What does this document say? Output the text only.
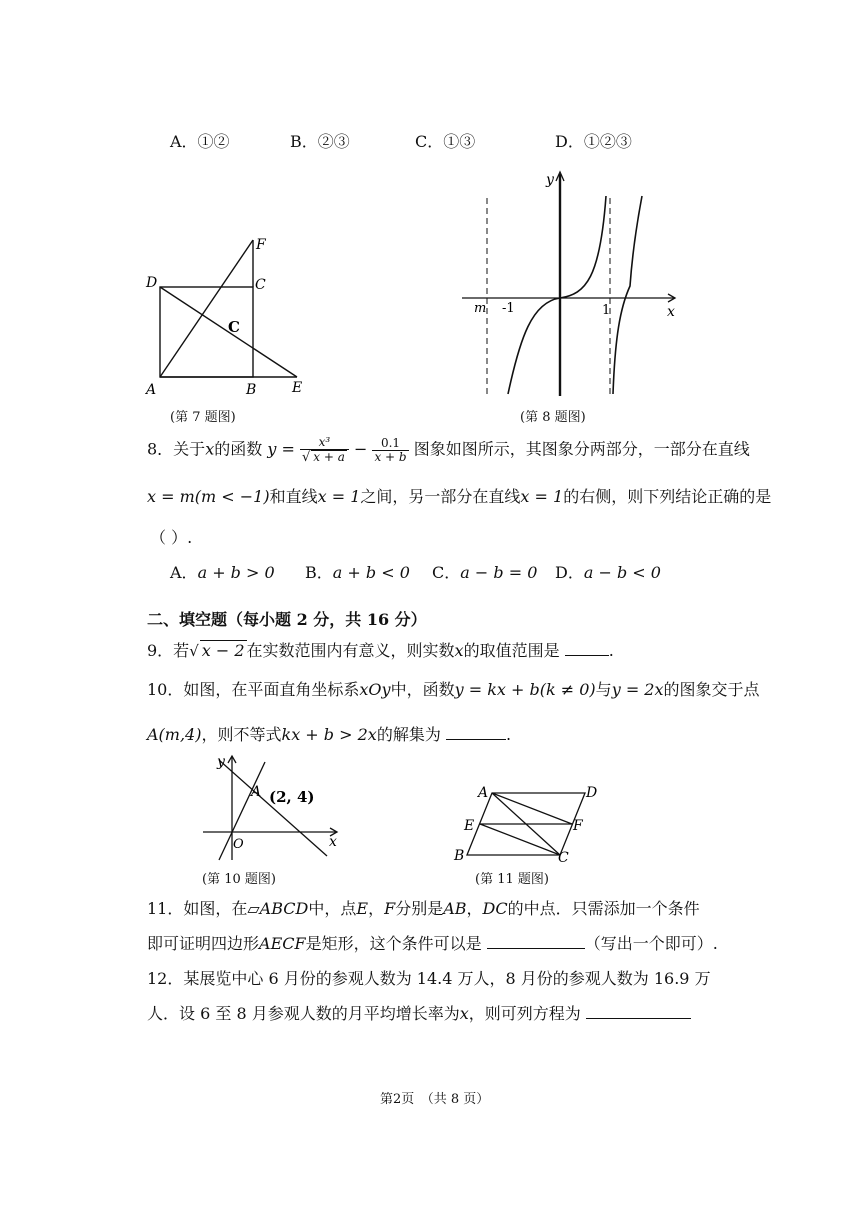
A．①②	B．②③	C．①③	D．①②③
D	C
F
A	B	E
C
(第 7 题图)
y
x
m -1	1
(第 8 题图)
8．关于x的函数 $y = \frac{\text{x³}}{√ x + a} - \frac{0.1}{x + b}$ 图象如图所示，其图象分两部分，一部分在直线
x = m(m < −1)和直线x = 1之间，另一部分在直线x = 1的右侧，则下列结论正确的是
（ ）.
A．a + b > 0 B．a + b < 0 C．a − b = 0 D．a − b < 0
二、填空题（每小题 2 分，共 16 分）
9．若√ x − 2 在实数范围内有意义，则实数x的取值范围是	.
10．如图，在平面直角坐标系xOy中，函数y = kx + b(k ≠ 0)与y = 2x的图象交于点
A(m,4)，则不等式kx + b > 2x的解集为	.
y
x
O
A (2, 4)
(第 10 题图)
A	D
E	F
B	C
(第 11 题图)
11．如图，在▱ABCD中，点E，F分别是AB，DC的中点．只需添加一个条件
即可证明四边形AECF是矩形，这个条件可以是	（写出一个即可）.
12．某展览中心 6 月份的参观人数为 14.4 万人，8 月份的参观人数为 16.9 万
人．设 6 至 8 月参观人数的月平均增长率为x，则可列方程为
第2页　（共 8 页）
